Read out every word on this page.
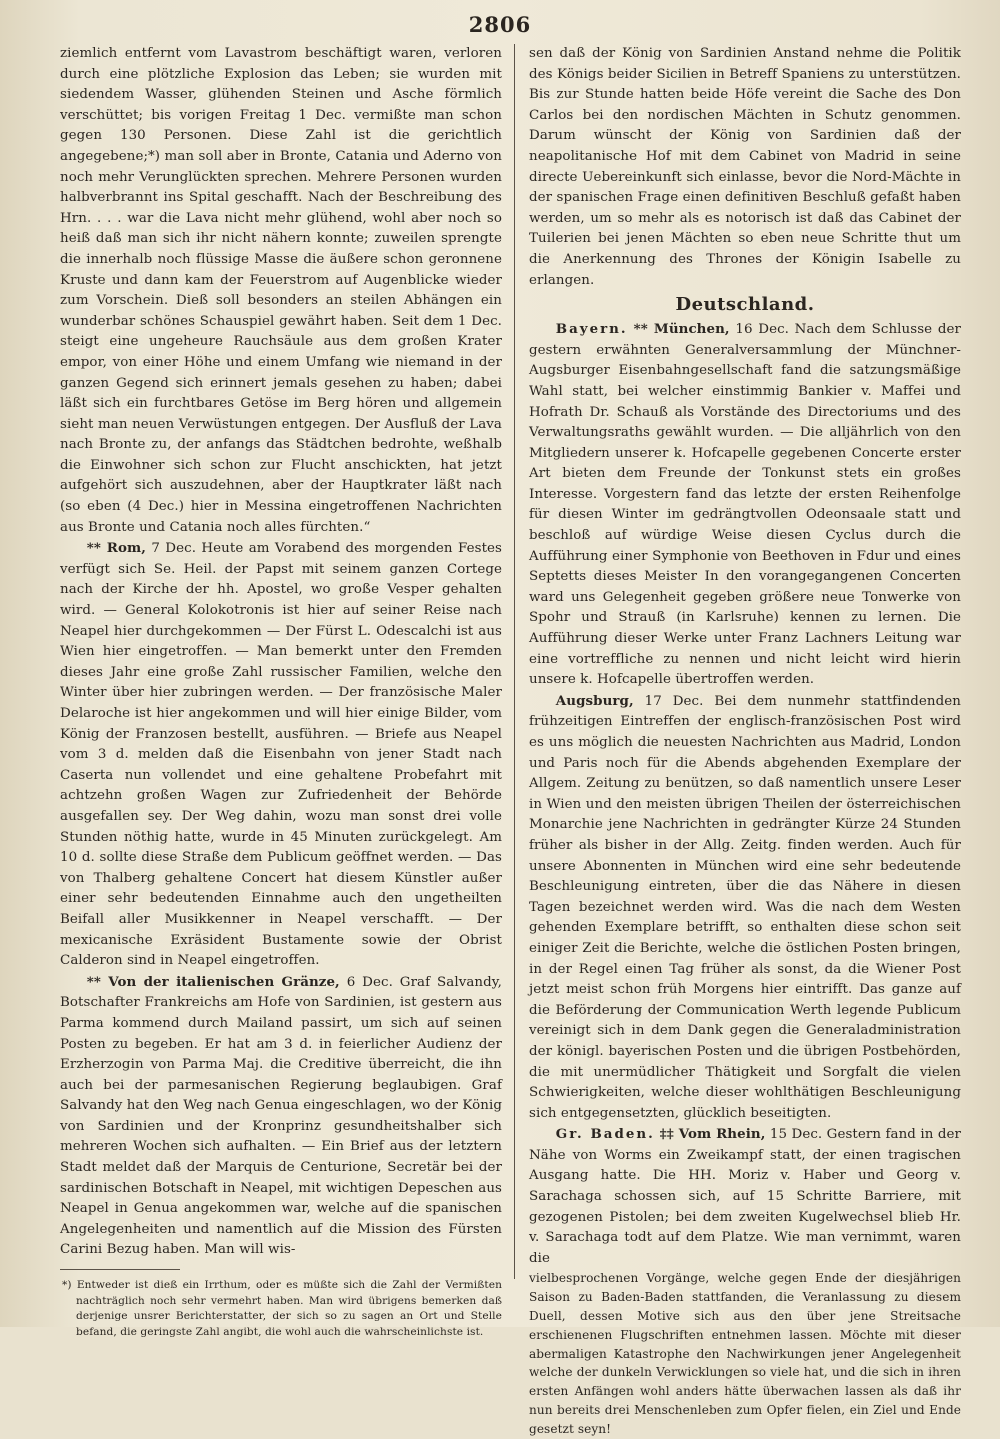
2806

ziemlich entfernt vom Lavastrom beschäftigt waren, verloren durch eine plötzliche Explosion das Leben; sie wurden mit siedendem Wasser, glühenden Steinen und Asche förmlich verschüttet; bis vorigen Freitag 1 Dec. vermißte man schon gegen 130 Personen. Diese Zahl ist die gerichtlich angegebene;*) man soll aber in Bronte, Catania und Aderno von noch mehr Verunglückten sprechen. Mehrere Personen wurden halbverbrannt ins Spital geschafft. Nach der Beschreibung des Hrn. . . . war die Lava nicht mehr glühend, wohl aber noch so heiß daß man sich ihr nicht nähern konnte; zuweilen sprengte die innerhalb noch flüssige Masse die äußere schon geronnene Kruste und dann kam der Feuerstrom auf Augenblicke wieder zum Vorschein. Dieß soll besonders an steilen Abhängen ein wunderbar schönes Schauspiel gewährt haben. Seit dem 1 Dec. steigt eine ungeheure Rauchsäule aus dem großen Krater empor, von einer Höhe und einem Umfang wie niemand in der ganzen Gegend sich erinnert jemals gesehen zu haben; dabei läßt sich ein furchtbares Getöse im Berg hören und allgemein sieht man neuen Verwüstungen entgegen. Der Ausfluß der Lava nach Bronte zu, der anfangs das Städtchen bedrohte, weßhalb die Einwohner sich schon zur Flucht anschickten, hat jetzt aufgehört sich auszudehnen, aber der Hauptkrater läßt nach (so eben (4 Dec.) hier in Messina eingetroffenen Nachrichten aus Bronte und Catania noch alles fürchten.“

** Rom, 7 Dec. Heute am Vorabend des morgenden Festes verfügt sich Se. Heil. der Papst mit seinem ganzen Cortege nach der Kirche der hh. Apostel, wo große Vesper gehalten wird. — General Kolokotronis ist hier auf seiner Reise nach Neapel hier durchgekommen — Der Fürst L. Odescalchi ist aus Wien hier eingetroffen. — Man bemerkt unter den Fremden dieses Jahr eine große Zahl russischer Familien, welche den Winter über hier zubringen werden. — Der französische Maler Delaroche ist hier angekommen und will hier einige Bilder, vom König der Franzosen bestellt, ausführen. — Briefe aus Neapel vom 3 d. melden daß die Eisenbahn von jener Stadt nach Caserta nun vollendet und eine gehaltene Probefahrt mit achtzehn großen Wagen zur Zufriedenheit der Behörde ausgefallen sey. Der Weg dahin, wozu man sonst drei volle Stunden nöthig hatte, wurde in 45 Minuten zurückgelegt. Am 10 d. sollte diese Straße dem Publicum geöffnet werden. — Das von Thalberg gehaltene Concert hat diesem Künstler außer einer sehr bedeutenden Einnahme auch den ungetheilten Beifall aller Musikkenner in Neapel verschafft. — Der mexicanische Exräsident Bustamente sowie der Obrist Calderon sind in Neapel eingetroffen.

** Von der italienischen Gränze, 6 Dec. Graf Salvandy, Botschafter Frankreichs am Hofe von Sardinien, ist gestern aus Parma kommend durch Mailand passirt, um sich auf seinen Posten zu begeben. Er hat am 3 d. in feierlicher Audienz der Erzherzogin von Parma Maj. die Creditive überreicht, die ihn auch bei der parmesanischen Regierung beglaubigen. Graf Salvandy hat den Weg nach Genua eingeschlagen, wo der König von Sardinien und der Kronprinz gesundheitshalber sich mehreren Wochen sich aufhalten. — Ein Brief aus der letztern Stadt meldet daß der Marquis de Centurione, Secretär bei der sardinischen Botschaft in Neapel, mit wichtigen Depeschen aus Neapel in Genua angekommen war, welche auf die spanischen Angelegenheiten und namentlich auf die Mission des Fürsten Carini Bezug haben. Man will wis-

*) Entweder ist dieß ein Irrthum, oder es müßte sich die Zahl der Vermißten nachträglich noch sehr vermehrt haben. Man wird übrigens bemerken daß derjenige unsrer Berichterstatter, der sich so zu sagen an Ort und Stelle befand, die geringste Zahl angibt, die wohl auch die wahrscheinlichste ist.

sen daß der König von Sardinien Anstand nehme die Politik des Königs beider Sicilien in Betreff Spaniens zu unterstützen. Bis zur Stunde hatten beide Höfe vereint die Sache des Don Carlos bei den nordischen Mächten in Schutz genommen. Darum wünscht der König von Sardinien daß der neapolitanische Hof mit dem Cabinet von Madrid in seine directe Uebereinkunft sich einlasse, bevor die Nord-Mächte in der spanischen Frage einen definitiven Beschluß gefaßt haben werden, um so mehr als es notorisch ist daß das Cabinet der Tuilerien bei jenen Mächten so eben neue Schritte thut um die Anerkennung des Thrones der Königin Isabelle zu erlangen.

Deutschland.

Bayern. ** München, 16 Dec. Nach dem Schlusse der gestern erwähnten Generalversammlung der Münchner-Augsburger Eisenbahngesellschaft fand die satzungsmäßige Wahl statt, bei welcher einstimmig Bankier v. Maffei und Hofrath Dr. Schauß als Vorstände des Directoriums und des Verwaltungsraths gewählt wurden. — Die alljährlich von den Mitgliedern unserer k. Hofcapelle gegebenen Concerte erster Art bieten dem Freunde der Tonkunst stets ein großes Interesse. Vorgestern fand das letzte der ersten Reihenfolge für diesen Winter im gedrängtvollen Odeonsaale statt und beschloß auf würdige Weise diesen Cyclus durch die Aufführung einer Symphonie von Beethoven in Fdur und eines Septetts dieses Meister In den vorangegangenen Concerten ward uns Gelegenheit gegeben größere neue Tonwerke von Spohr und Strauß (in Karlsruhe) kennen zu lernen. Die Aufführung dieser Werke unter Franz Lachners Leitung war eine vortreffliche zu nennen und nicht leicht wird hierin unsere k. Hofcapelle übertroffen werden.

Augsburg, 17 Dec. Bei dem nunmehr stattfindenden frühzeitigen Eintreffen der englisch-französischen Post wird es uns möglich die neuesten Nachrichten aus Madrid, London und Paris noch für die Abends abgehenden Exemplare der Allgem. Zeitung zu benützen, so daß namentlich unsere Leser in Wien und den meisten übrigen Theilen der österreichischen Monarchie jene Nachrichten in gedrängter Kürze 24 Stunden früher als bisher in der Allg. Zeitg. finden werden. Auch für unsere Abonnenten in München wird eine sehr bedeutende Beschleunigung eintreten, über die das Nähere in diesen Tagen bezeichnet werden wird. Was die nach dem Westen gehenden Exemplare betrifft, so enthalten diese schon seit einiger Zeit die Berichte, welche die östlichen Posten bringen, in der Regel einen Tag früher als sonst, da die Wiener Post jetzt meist schon früh Morgens hier eintrifft. Das ganze auf die Beförderung der Communication Werth legende Publicum vereinigt sich in dem Dank gegen die Generaladministration der königl. bayerischen Posten und die übrigen Postbehörden, die mit unermüdlicher Thätigkeit und Sorgfalt die vielen Schwierigkeiten, welche dieser wohlthätigen Beschleunigung sich entgegensetzten, glücklich beseitigten.

Gr. Baden. ‡‡ Vom Rhein, 15 Dec. Gestern fand in der Nähe von Worms ein Zweikampf statt, der einen tragischen Ausgang hatte. Die HH. Moriz v. Haber und Georg v. Sarachaga schossen sich, auf 15 Schritte Barriere, mit gezogenen Pistolen; bei dem zweiten Kugelwechsel blieb Hr. v. Sarachaga todt auf dem Platze. Wie man vernimmt, waren die

vielbesprochenen Vorgänge, welche gegen Ende der diesjährigen Saison zu Baden-Baden stattfanden, die Veranlassung zu diesem Duell, dessen Motive sich aus den über jene Streitsache erschienenen Flugschriften entnehmen lassen. Möchte mit dieser abermaligen Katastrophe den Nachwirkungen jener Angelegenheit welche der dunkeln Verwicklungen so viele hat, und die sich in ihren ersten Anfängen wohl anders hätte überwachen lassen als daß ihr nun bereits drei Menschenleben zum Opfer fielen, ein Ziel und Ende gesetzt seyn!
